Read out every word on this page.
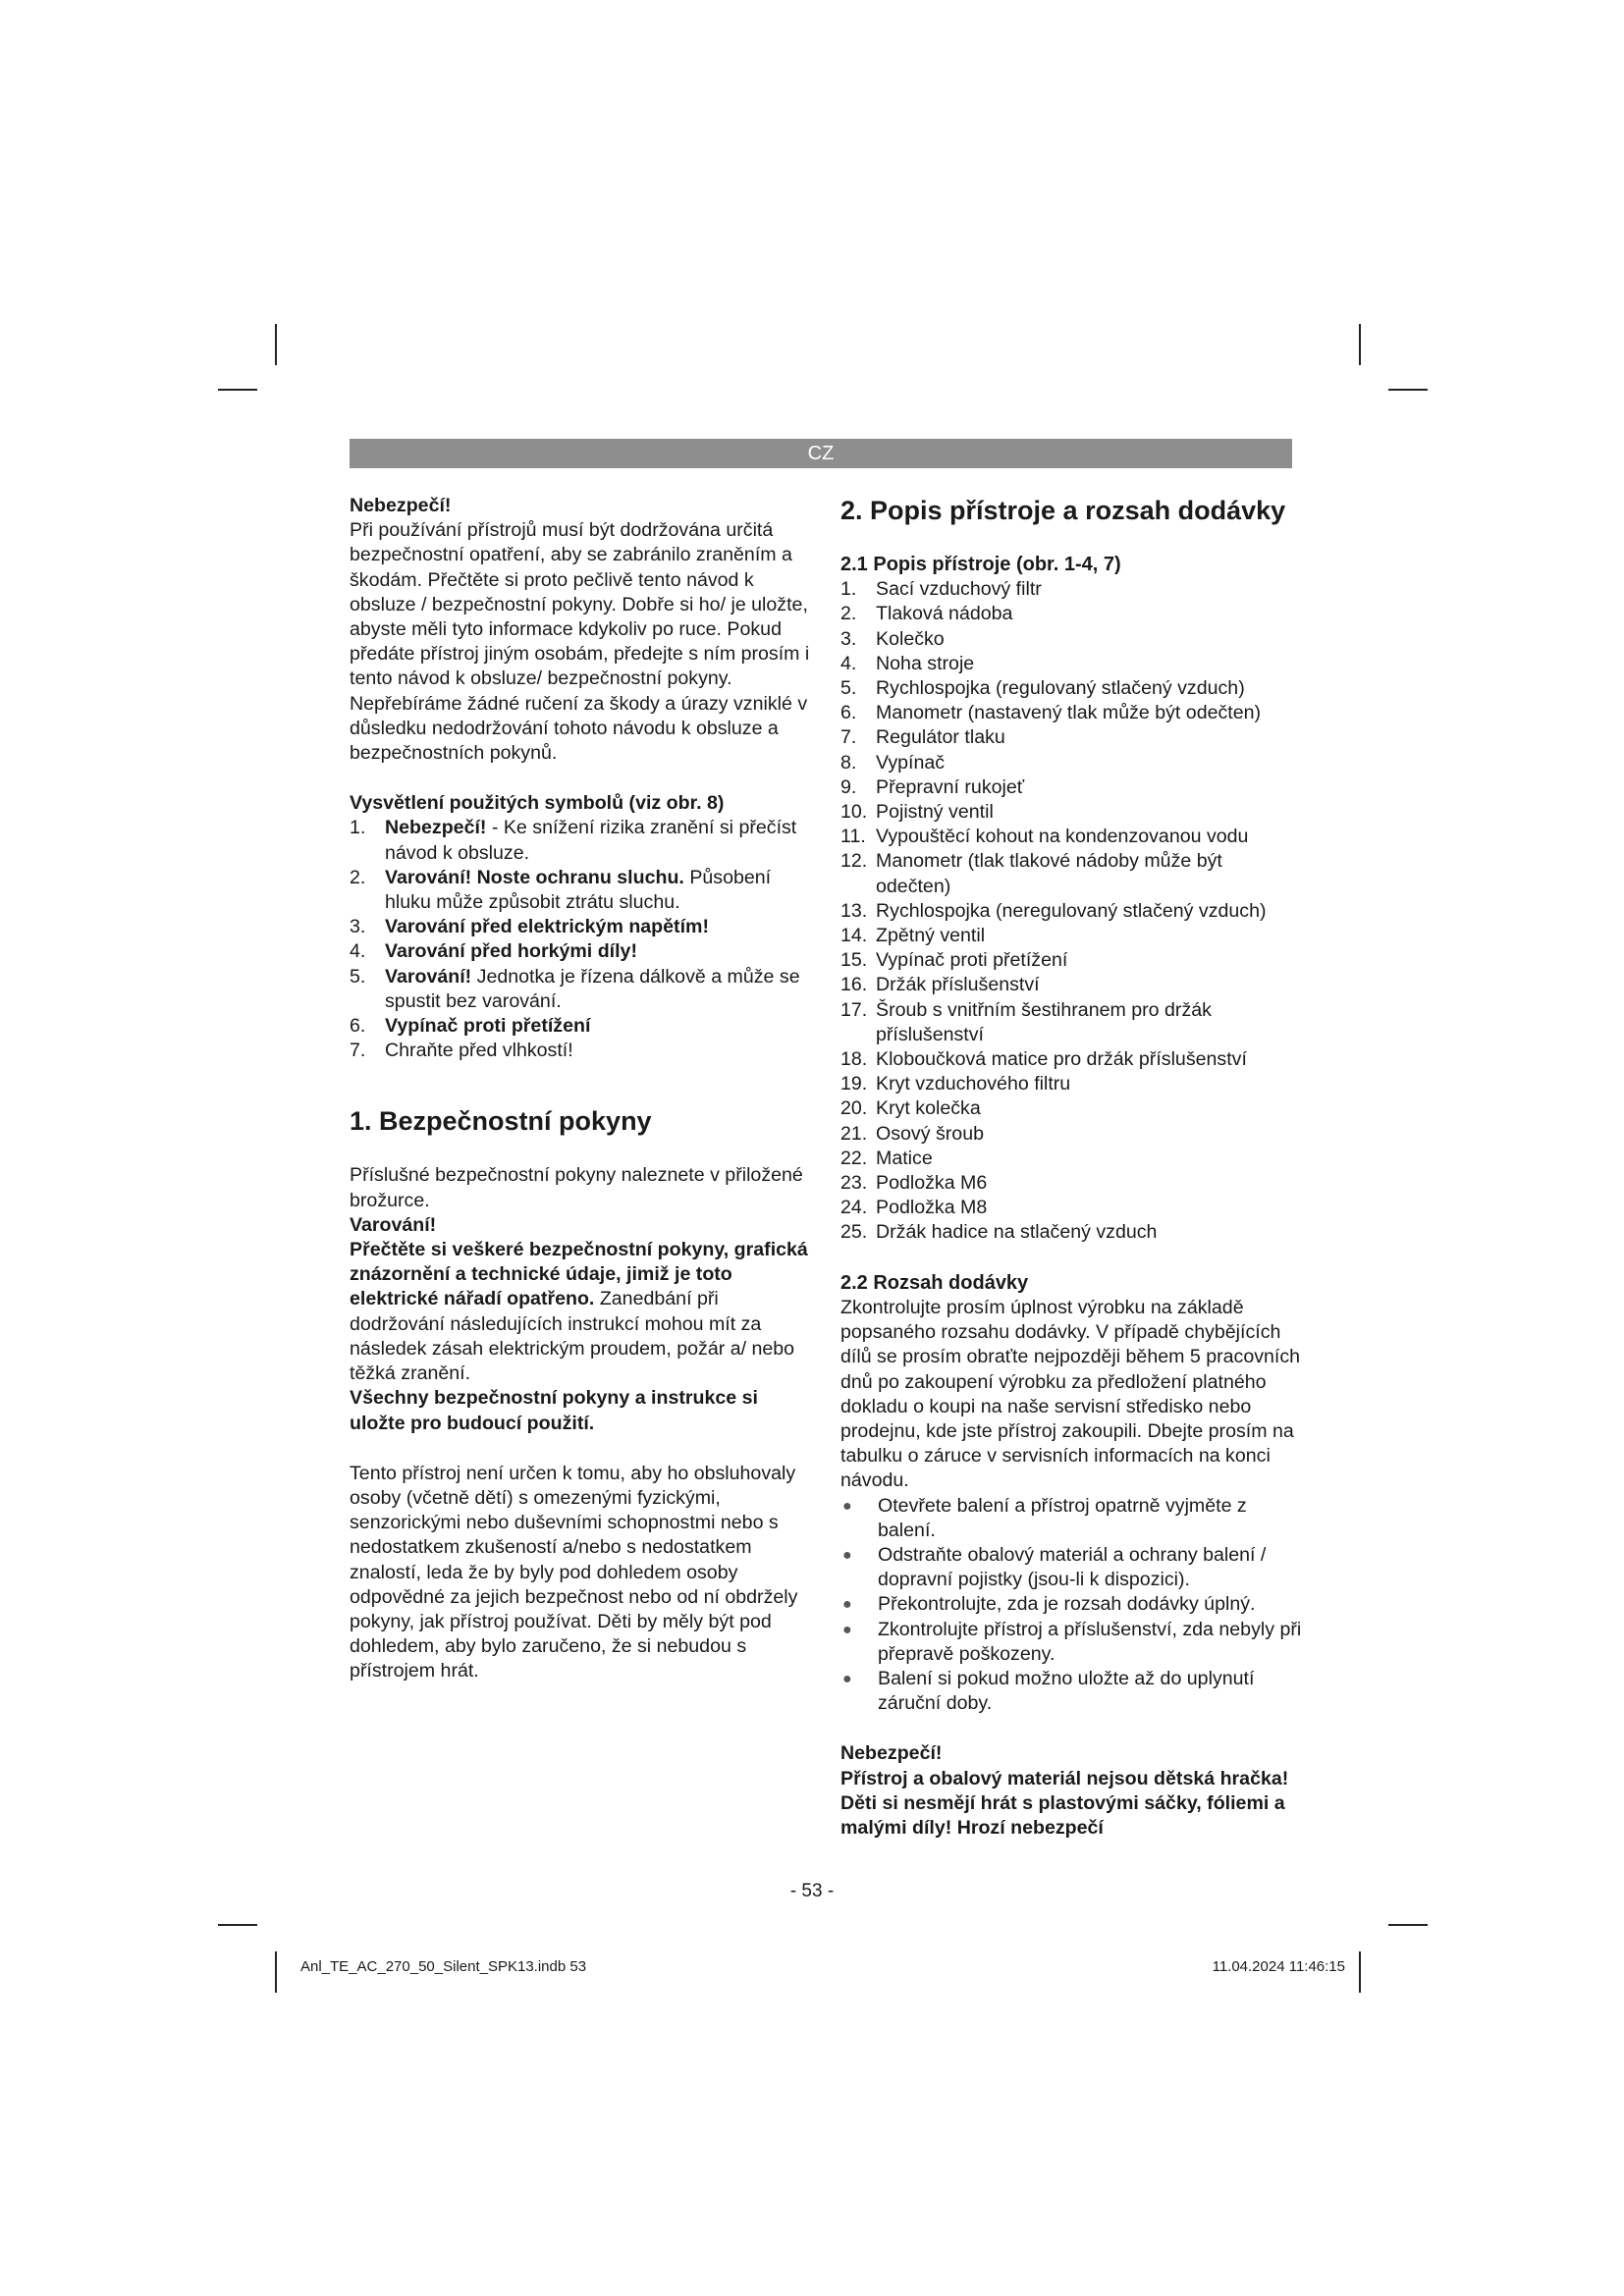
CZ

Nebezpečí!

Při používání přístrojů musí být dodržována určitá bezpečnostní opatření, aby se zabránilo zraněním a škodám. Přečtěte si proto pečlivě tento návod k obsluze / bezpečnostní pokyny. Dobře si ho/ je uložte, abyste měli tyto informace kdykoliv po ruce. Pokud předáte přístroj jiným osobám, předejte s ním prosím i tento návod k obsluze/ bezpečnostní pokyny. Nepřebíráme žádné ručení za škody a úrazy vzniklé v důsledku nedodržování tohoto návodu k obsluze a bezpečnostních pokynů.

Vysvětlení použitých symbolů (viz obr. 8)

1. Nebezpečí! - Ke snížení rizika zranění si přečíst návod k obsluze.
2. Varování! Noste ochranu sluchu. Působení hluku může způsobit ztrátu sluchu.
3. Varování před elektrickým napětím!
4. Varování před horkými díly!
5. Varování! Jednotka je řízena dálkově a může se spustit bez varování.
6. Vypínač proti přetížení
7. Chraňte před vlhkostí!
1. Bezpečnostní pokyny

Příslušné bezpečnostní pokyny naleznete v přiložené brožurce.

Varování!

Přečtěte si veškeré bezpečnostní pokyny, grafická znázornění a technické údaje, jimiž je toto elektrické nářadí opatřeno. Zanedbání při dodržování následujících instrukcí mohou mít za následek zásah elektrickým proudem, požár a/ nebo těžká zranění.

Všechny bezpečnostní pokyny a instrukce si uložte pro budoucí použití.

Tento přístroj není určen k tomu, aby ho obsluhovaly osoby (včetně dětí) s omezenými fyzickými, senzorickými nebo duševními schopnostmi nebo s nedostatkem zkušeností a/nebo s nedostatkem znalostí, leda že by byly pod dohledem osoby odpovědné za jejich bezpečnost nebo od ní obdržely pokyny, jak přístroj používat. Děti by měly být pod dohledem, aby bylo zaručeno, že si nebudou s přístrojem hrát.

2. Popis přístroje a rozsah dodávky
2.1 Popis přístroje (obr. 1-4, 7)
1. Sací vzduchový filtr
2. Tlaková nádoba
3. Kolečko
4. Noha stroje
5. Rychlospojka (regulovaný stlačený vzduch)
6. Manometr (nastavený tlak může být odečten)
7. Regulátor tlaku
8. Vypínač
9. Přepravní rukojeť
10. Pojistný ventil
11. Vypouštěcí kohout na kondenzovanou vodu
12. Manometr (tlak tlakové nádoby může být odečten)
13. Rychlospojka (neregulovaný stlačený vzduch)
14. Zpětný ventil
15. Vypínač proti přetížení
16. Držák příslušenství
17. Šroub s vnitřním šestihranem pro držák příslušenství
18. Kloboučková matice pro držák příslušenství
19. Kryt vzduchového filtru
20. Kryt kolečka
21. Osový šroub
22. Matice
23. Podložka M6
24. Podložka M8
25. Držák hadice na stlačený vzduch
2.2 Rozsah dodávky

Zkontrolujte prosím úplnost výrobku na základě popsaného rozsahu dodávky. V případě chybějících dílů se prosím obraťte nejpozději během 5 pracovních dnů po zakoupení výrobku za předložení platného dokladu o koupi na naše servisní středisko nebo prodejnu, kde jste přístroj zakoupili. Dbejte prosím na tabulku o záruce v servisních informacích na konci návodu.

● Otevřete balení a přístroj opatrně vyjměte z balení.
● Odstraňte obalový materiál a ochrany balení / dopravní pojistky (jsou-li k dispozici).
● Překontrolujte, zda je rozsah dodávky úplný.
● Zkontrolujte přístroj a příslušenství, zda nebyly při přepravě poškozeny.
● Balení si pokud možno uložte až do uplynutí záruční doby.

Nebezpečí!

Přístroj a obalový materiál nejsou dětská hračka! Děti si nesmějí hrát s plastovými sáčky, fóliemi a malými díly! Hrozí nebezpečí

- 53 -
Anl_TE_AC_270_50_Silent_SPK13.indb 53	11.04.2024 11:46:15
